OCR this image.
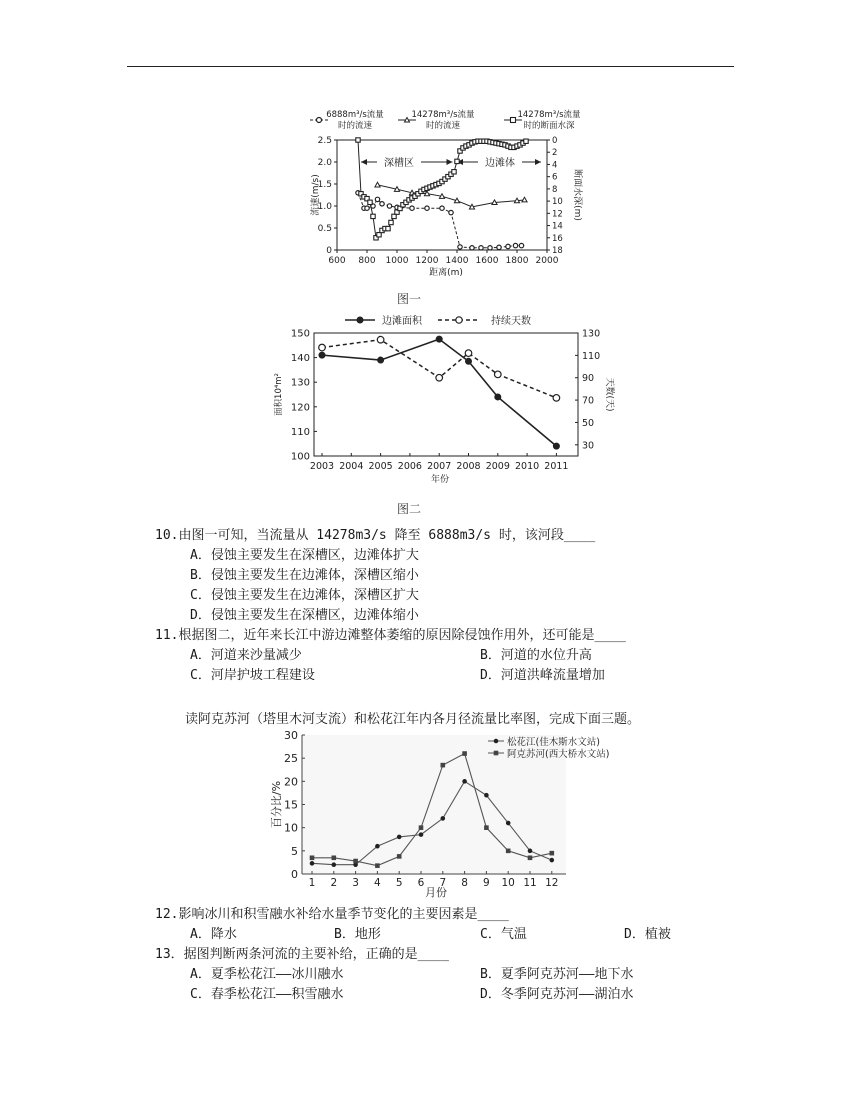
6888m³/s流量
时的流速
14278m³/s流量
时的流速
14278m³/s流量
时的断面水深
600 800 1000 1200 1400 1600 1800 2000
0
0.5
1.0
1.5
2.0
2.5	0
2
4
6
8
10
12
14
16
18
距离(m)
流速(m/s)	断面水深(m)
深槽区	边滩体
图一
边滩面积	持续天数
2003 2004 2005 2006 2007 2008 2009 2010 2011
100
110
120
130
140
150
30
50
70
90
110
130
年份
面积10⁴m²	天数(天)
图二
10.由图一可知，当流量从 14278m3/s 降至 6888m3/s 时，该河段____
A．侵蚀主要发生在深槽区，边滩体扩大
B．侵蚀主要发生在边滩体，深槽区缩小
C．侵蚀主要发生在边滩体，深槽区扩大
D．侵蚀主要发生在深槽区，边滩体缩小
11.根据图二，近年来长江中游边滩整体萎缩的原因除侵蚀作用外，还可能是____
A．河道来沙量减少	B．河道的水位升高
C．河岸护坡工程建设	D．河道洪峰流量增加
读阿克苏河（塔里木河支流）和松花江年内各月径流量比率图，完成下面三题。
0
5
10
15
20
25
30
1 2 3 4 5 6 7 8 9 10 11 12
月份
百分比/%
松花江(佳木斯水文站)
阿克苏河(西大桥水文站)
12.影响冰川和积雪融水补给水量季节变化的主要因素是____
A．降水	B．地形	C．气温	D．植被
13．据图判断两条河流的主要补给，正确的是____
A．夏季松花江——冰川融水	B．夏季阿克苏河——地下水
C．春季松花江——积雪融水	D．冬季阿克苏河——湖泊水
